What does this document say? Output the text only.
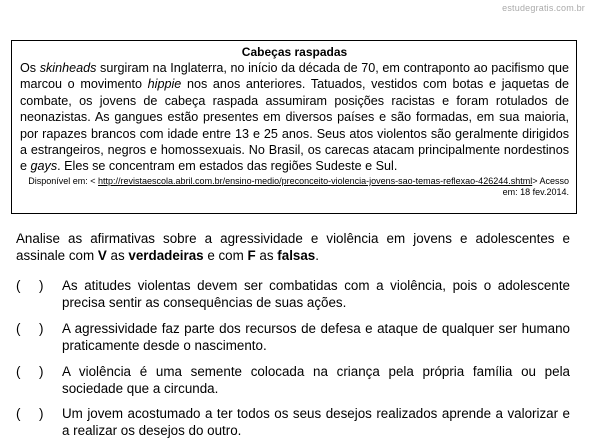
estudegratis.com.br
Cabeças raspadas
Os skinheads surgiram na Inglaterra, no início da década de 70, em contraponto ao pacifismo que marcou o movimento hippie nos anos anteriores. Tatuados, vestidos com botas e jaquetas de combate, os jovens de cabeça raspada assumiram posições racistas e foram rotulados de neonazistas. As gangues estão presentes em diversos países e são formadas, em sua maioria, por rapazes brancos com idade entre 13 e 25 anos. Seus atos violentos são geralmente dirigidos a estrangeiros, negros e homossexuais. No Brasil, os carecas atacam principalmente nordestinos e gays. Eles se concentram em estados das regiões Sudeste e Sul.
Disponível em: < http://revistaescola.abril.com.br/ensino-medio/preconceito-violencia-jovens-sao-temas-reflexao-426244.shtml> Acesso em: 18 fev.2014.
Analise as afirmativas sobre a agressividade e violência em jovens e adolescentes e assinale com V as verdadeiras e com F as falsas.
(     )	As atitudes violentas devem ser combatidas com a violência, pois o adolescente precisa sentir as consequências de suas ações.
(     )	A agressividade faz parte dos recursos de defesa e ataque de qualquer ser humano praticamente desde o nascimento.
(     )	A violência é uma semente colocada na criança pela própria família ou pela sociedade que a circunda.
(     )	Um jovem acostumado a ter todos os seus desejos realizados aprende a valorizar e a realizar os desejos do outro.
